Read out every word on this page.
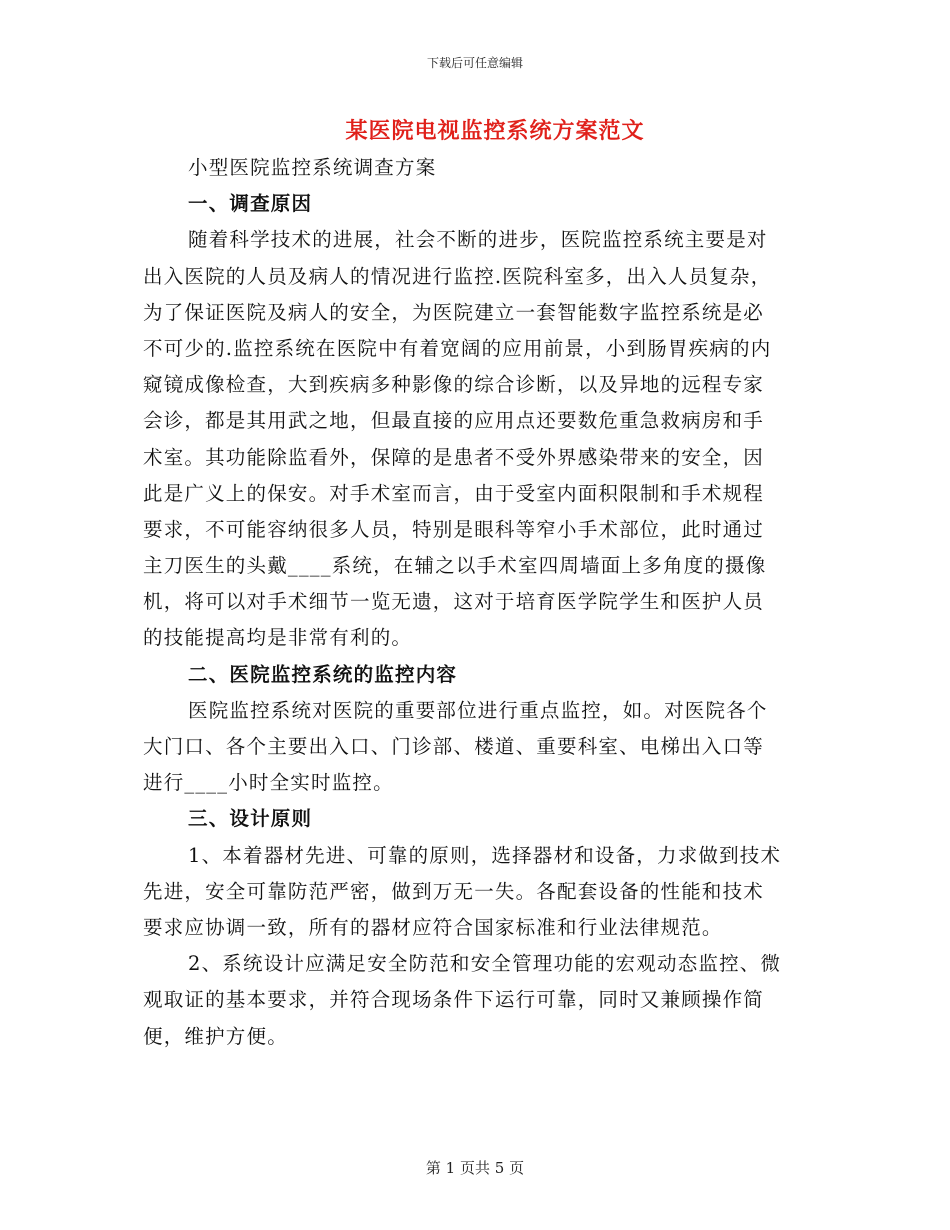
下载后可任意编辑
某医院电视监控系统方案范文
小型医院监控系统调查方案
一、调查原因
随着科学技术的进展，社会不断的进步，医院监控系统主要是对
出入医院的人员及病人的情况进行监控.医院科室多，出入人员复杂，
为了保证医院及病人的安全，为医院建立一套智能数字监控系统是必
不可少的.监控系统在医院中有着宽阔的应用前景，小到肠胃疾病的内
窥镜成像检查，大到疾病多种影像的综合诊断，以及异地的远程专家
会诊，都是其用武之地，但最直接的应用点还要数危重急救病房和手
术室。其功能除监看外，保障的是患者不受外界感染带来的安全，因
此是广义上的保安。对手术室而言，由于受室内面积限制和手术规程
要求，不可能容纳很多人员，特别是眼科等窄小手术部位，此时通过
主刀医生的头戴____系统，在辅之以手术室四周墙面上多角度的摄像
机，将可以对手术细节一览无遗，这对于培育医学院学生和医护人员
的技能提高均是非常有利的。
二、医院监控系统的监控内容
医院监控系统对医院的重要部位进行重点监控，如。对医院各个
大门口、各个主要出入口、门诊部、楼道、重要科室、电梯出入口等
进行____小时全实时监控。
三、设计原则
1、本着器材先进、可靠的原则，选择器材和设备，力求做到技术
先进，安全可靠防范严密，做到万无一失。各配套设备的性能和技术
要求应协调一致，所有的器材应符合国家标准和行业法律规范。
2、系统设计应满足安全防范和安全管理功能的宏观动态监控、微
观取证的基本要求，并符合现场条件下运行可靠，同时又兼顾操作简
便，维护方便。
第 1 页共 5 页
